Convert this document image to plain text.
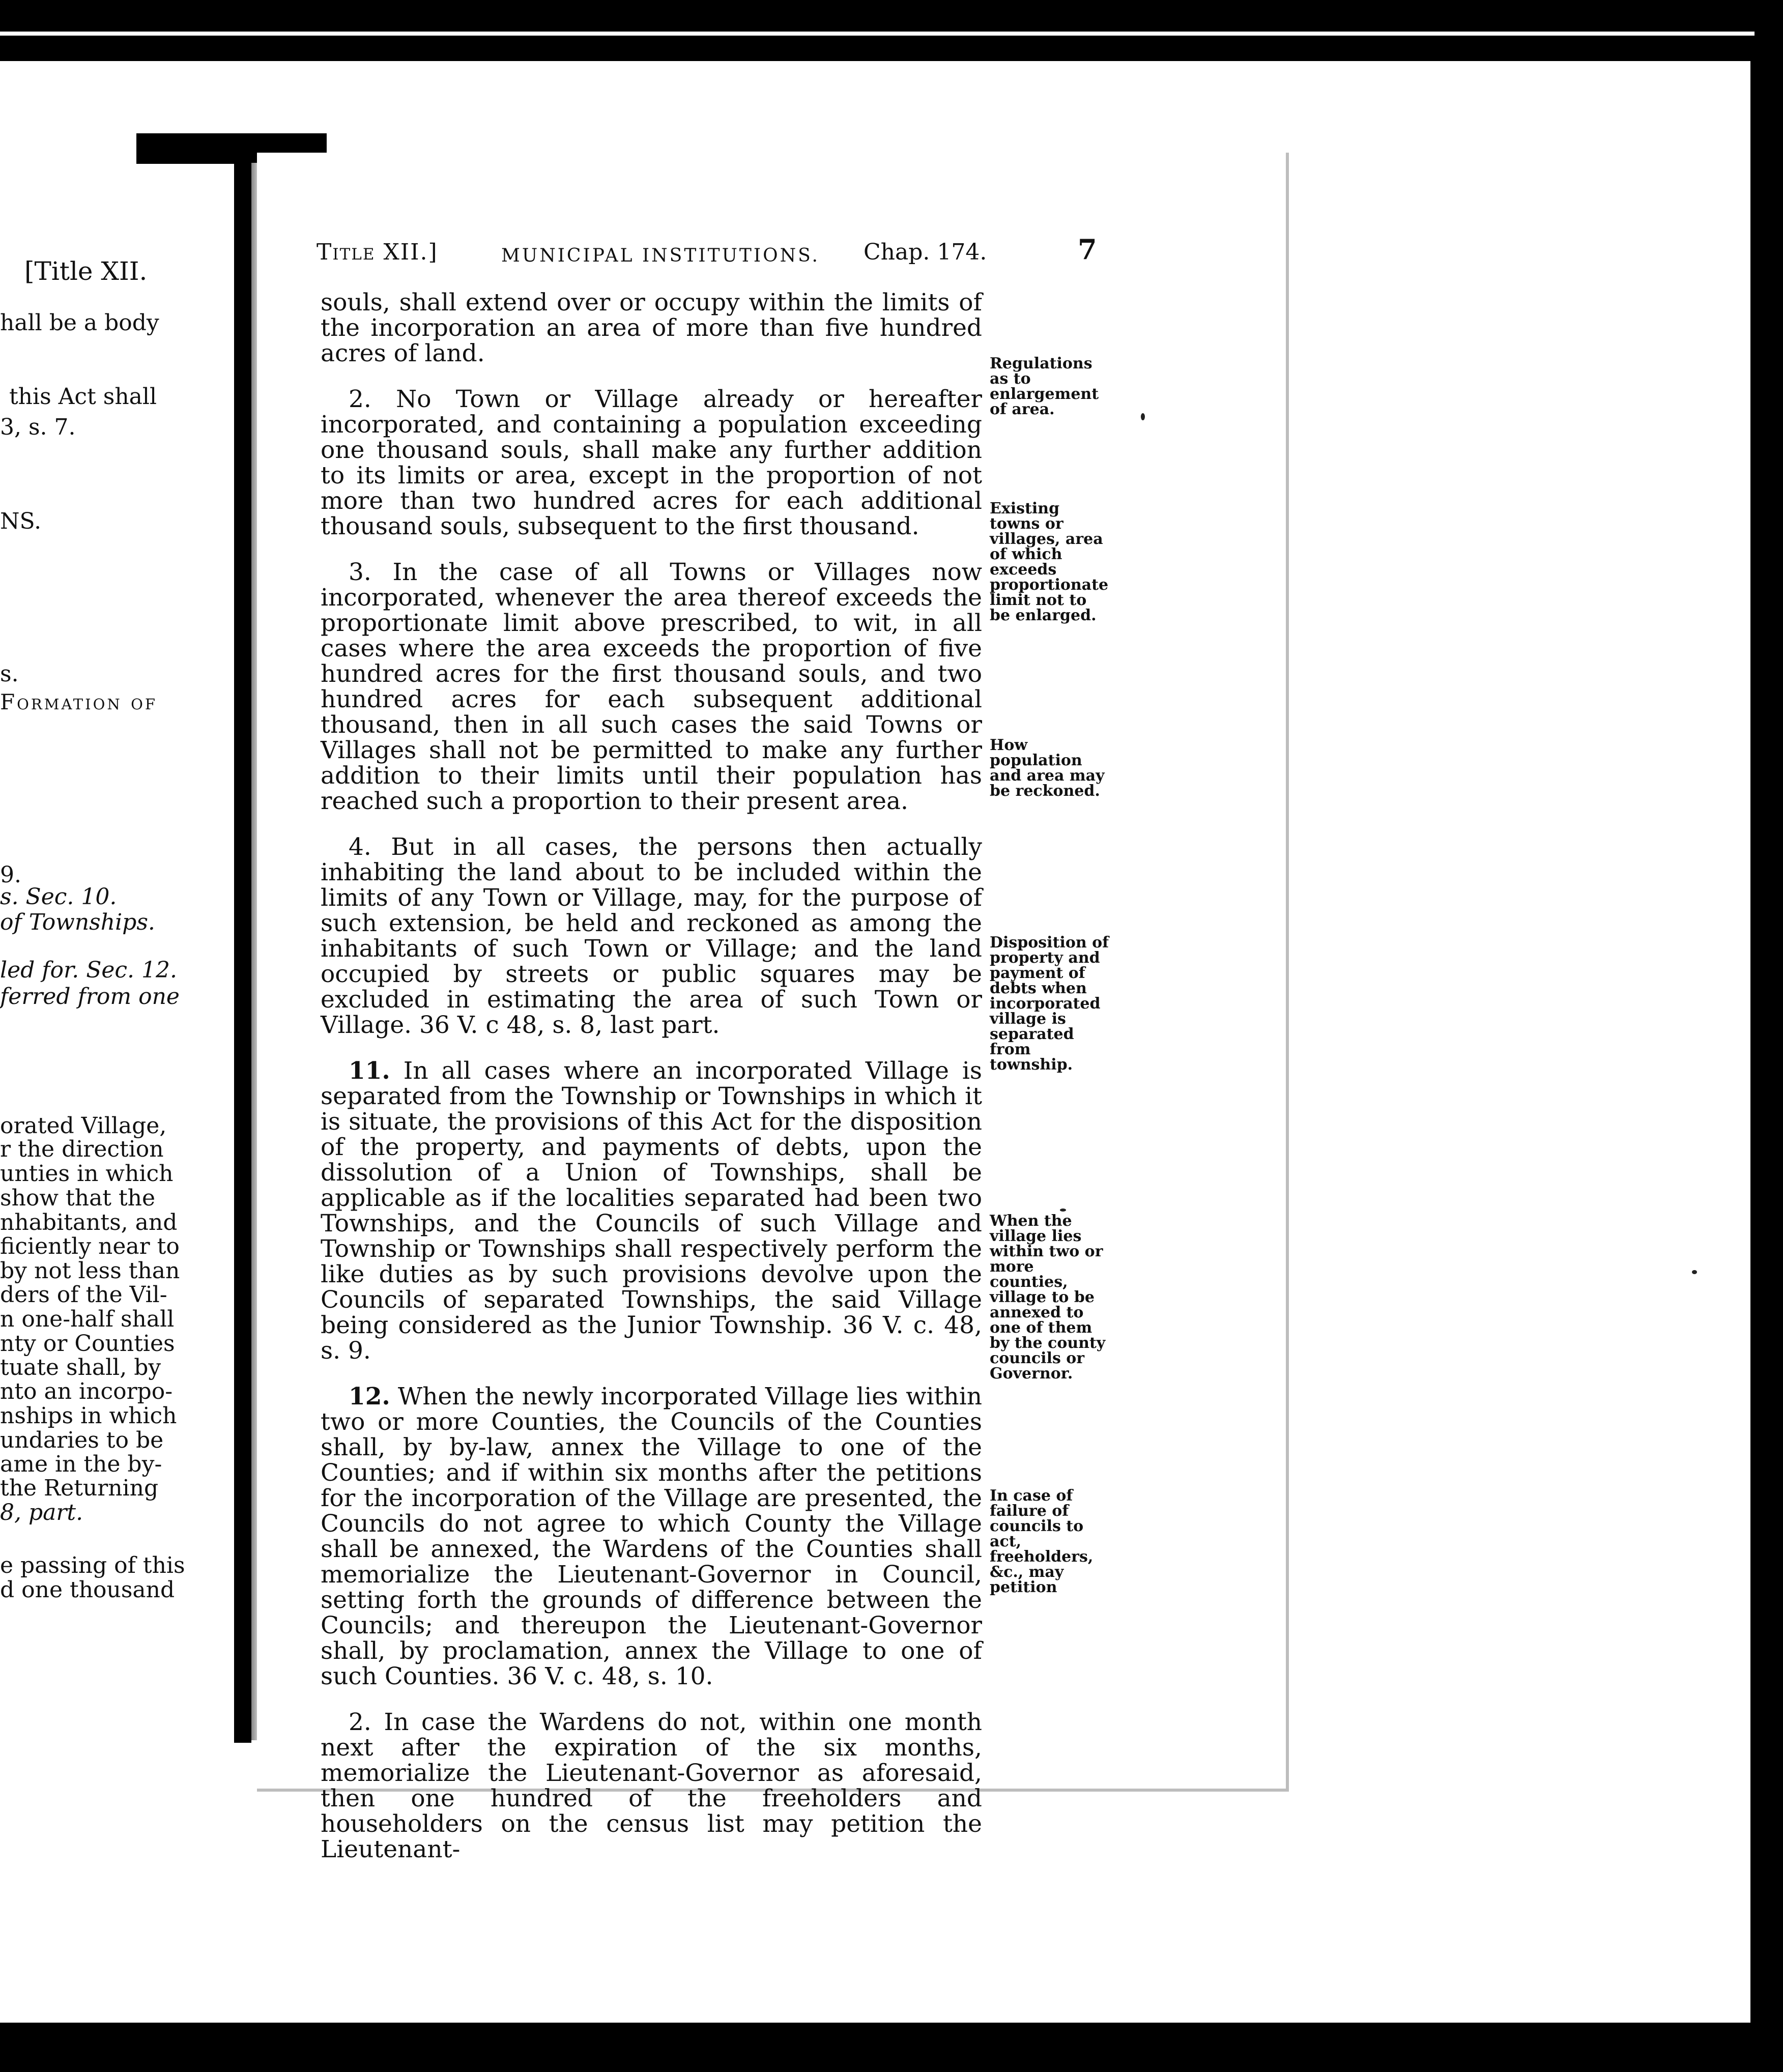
[Title XII.
hall be a body
this Act shall
3, s. 7.
NS.
s.
Formation of
9.
s. Sec. 10.
of Townships.
led for. Sec. 12.
ferred from one
orated Village,
r the direction
unties in which
show that the
nhabitants, and
ficiently near to
by not less than
ders of the Vil-
n one-half shall
nty or Counties
tuate shall, by
nto an incorpo-
nships in which
undaries to be
ame in the by-
the Returning
8, part.
e passing of this
d one thousand
Title XII.]	MUNICIPAL INSTITUTIONS. Chap. 174.	7

souls, shall extend over or occupy within the limits of the incorporation an area of more than five hundred acres of land.

2. No Town or Village already or hereafter incorporated, and containing a population exceeding one thousand souls, shall make any further addition to its limits or area, except in the proportion of not more than two hundred acres for each additional thousand souls, subsequent to the first thousand.

3. In the case of all Towns or Villages now incorporated, whenever the area thereof exceeds the proportionate limit above prescribed, to wit, in all cases where the area exceeds the proportion of five hundred acres for the first thousand souls, and two hundred acres for each subsequent additional thousand, then in all such cases the said Towns or Villages shall not be permitted to make any further addition to their limits until their population has reached such a proportion to their present area.

4. But in all cases, the persons then actually inhabiting the land about to be included within the limits of any Town or Village, may, for the purpose of such extension, be held and reckoned as among the inhabitants of such Town or Village; and the land occupied by streets or public squares may be excluded in estimating the area of such Town or Village. 36 V. c 48, s. 8, last part.

11. In all cases where an incorporated Village is separated from the Township or Townships in which it is situate, the provisions of this Act for the disposition of the property, and payments of debts, upon the dissolution of a Union of Townships, shall be applicable as if the localities separated had been two Townships, and the Councils of such Village and Township or Townships shall respectively perform the like duties as by such provisions devolve upon the Councils of separated Townships, the said Village being considered as the Junior Township. 36 V. c. 48, s. 9.

12. When the newly incorporated Village lies within two or more Counties, the Councils of the Counties shall, by by-law, annex the Village to one of the Counties; and if within six months after the petitions for the incorporation of the Village are presented, the Councils do not agree to which County the Village shall be annexed, the Wardens of the Counties shall memorialize the Lieutenant-Governor in Council, setting forth the grounds of difference between the Councils; and thereupon the Lieutenant-Governor shall, by proclamation, annex the Village to one of such Counties. 36 V. c. 48, s. 10.

2. In case the Wardens do not, within one month next after the expiration of the six months, memorialize the Lieutenant-Governor as aforesaid, then one hundred of the freeholders and householders on the census list may petition the Lieutenant-

Regulations as to enlargement of area.
Existing towns or villages, area of which exceeds proportionate limit not to be enlarged.
How population and area may be reckoned.
Disposition of property and payment of debts when incorporated village is separated from township.
When the village lies within two or more counties, village to be annexed to one of them by the county councils or Governor.
In case of failure of councils to act, freeholders, &c., may petition
